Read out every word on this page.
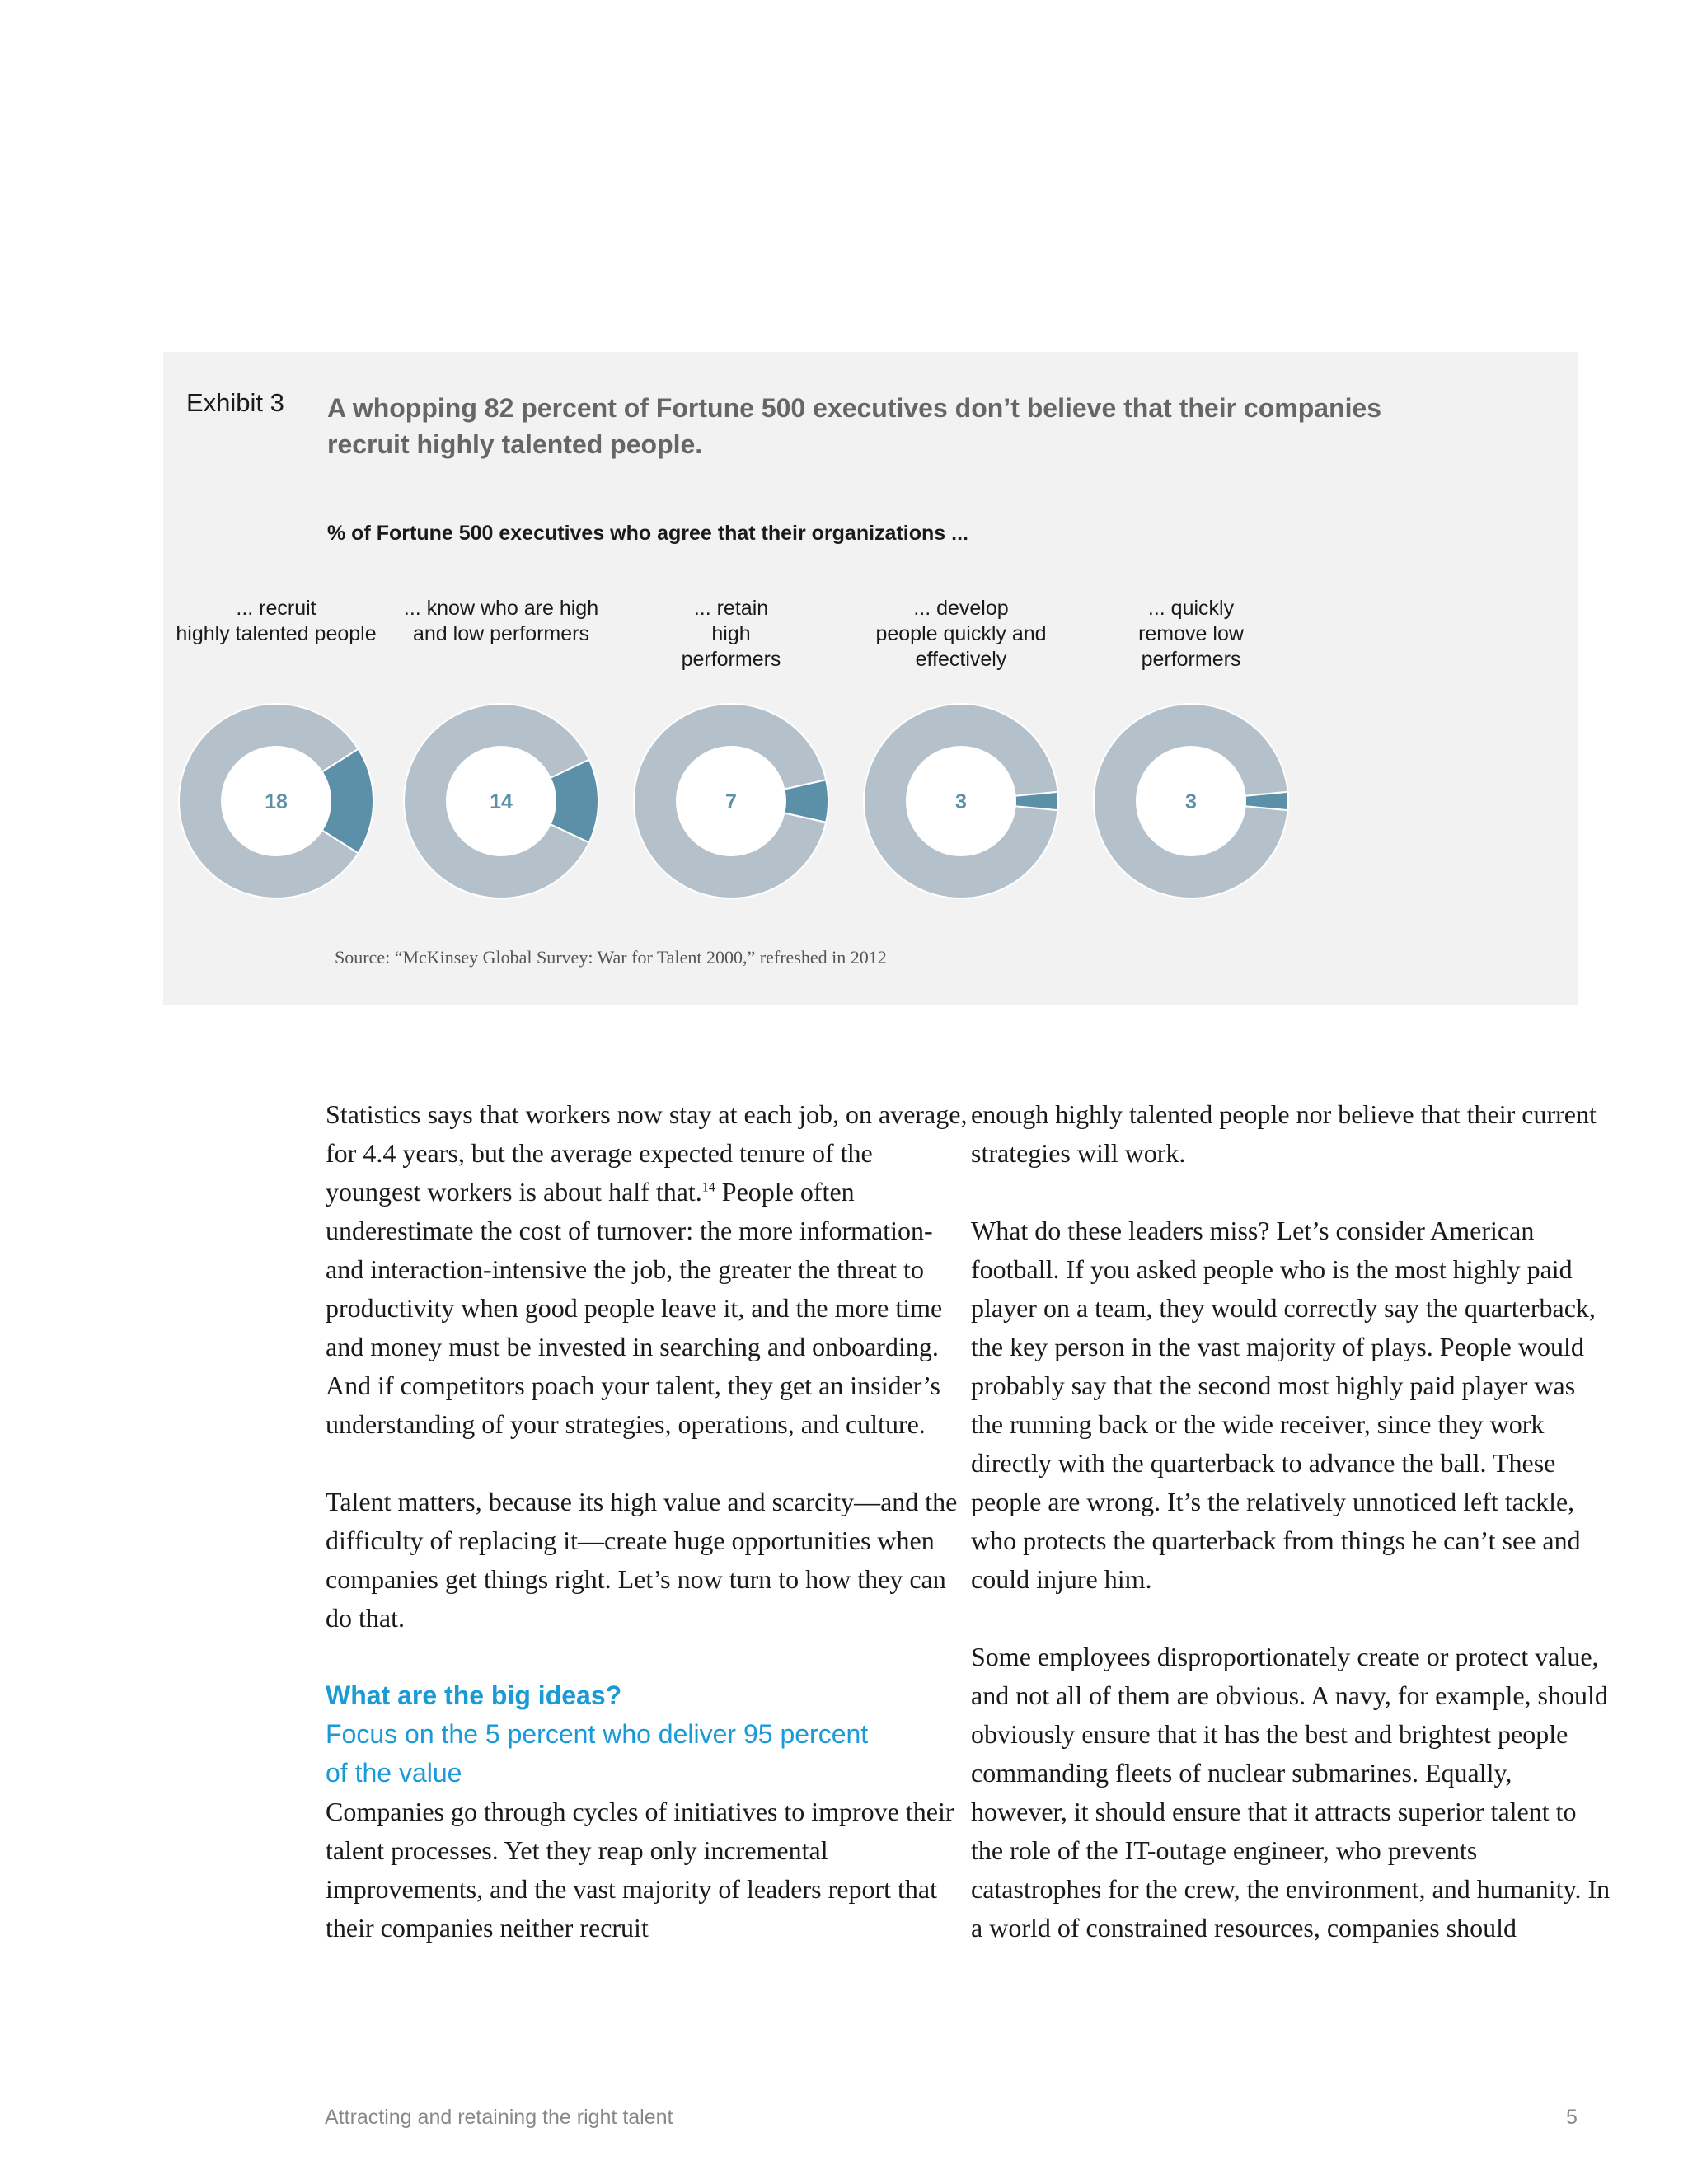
Exhibit 3 A whopping 82 percent of Fortune 500 executives don’t believe that their companies recruit highly talented people.
% of Fortune 500 executives who agree that their organizations ...
... recruit
highly talented people
18
... know who are high
and low performers
14
... retain
high
performers
7
... develop
people quickly and
effectively
3
... quickly
remove low
performers
3
Source: “McKinsey Global Survey: War for Talent 2000,” refreshed in 2012

Statistics says that workers now stay at each job, on average, for 4.4 years, but the average expected tenure of the youngest workers is about half that.$^{14}$ People often underestimate the cost of turnover: the more information- and interaction-intensive the job, the greater the threat to productivity when good people leave it, and the more time and money must be invested in searching and onboarding. And if competitors poach your talent, they get an insider’s understanding of your strategies, operations, and culture.

Talent matters, because its high value and scarcity—and the difficulty of replacing it—create huge opportunities when companies get things right. Let’s now turn to how they can do that.

What are the big ideas?
Focus on the 5 percent who deliver 95 percent of the value

Companies go through cycles of initiatives to improve their talent processes. Yet they reap only incremental improvements, and the vast majority of leaders report that their companies neither recruit

enough highly talented people nor believe that their current strategies will work.

What do these leaders miss? Let’s consider American football. If you asked people who is the most highly paid player on a team, they would correctly say the quarterback, the key person in the vast majority of plays. People would probably say that the second most highly paid player was the running back or the wide receiver, since they work directly with the quarterback to advance the ball. These people are wrong. It’s the relatively unnoticed left tackle, who protects the quarterback from things he can’t see and could injure him.

Some employees disproportionately create or protect value, and not all of them are obvious. A navy, for example, should obviously ensure that it has the best and brightest people commanding fleets of nuclear submarines. Equally, however, it should ensure that it attracts superior talent to the role of the IT-outage engineer, who prevents catastrophes for the crew, the environment, and humanity. In a world of constrained resources, companies should

Attracting and retaining the right talent	5
